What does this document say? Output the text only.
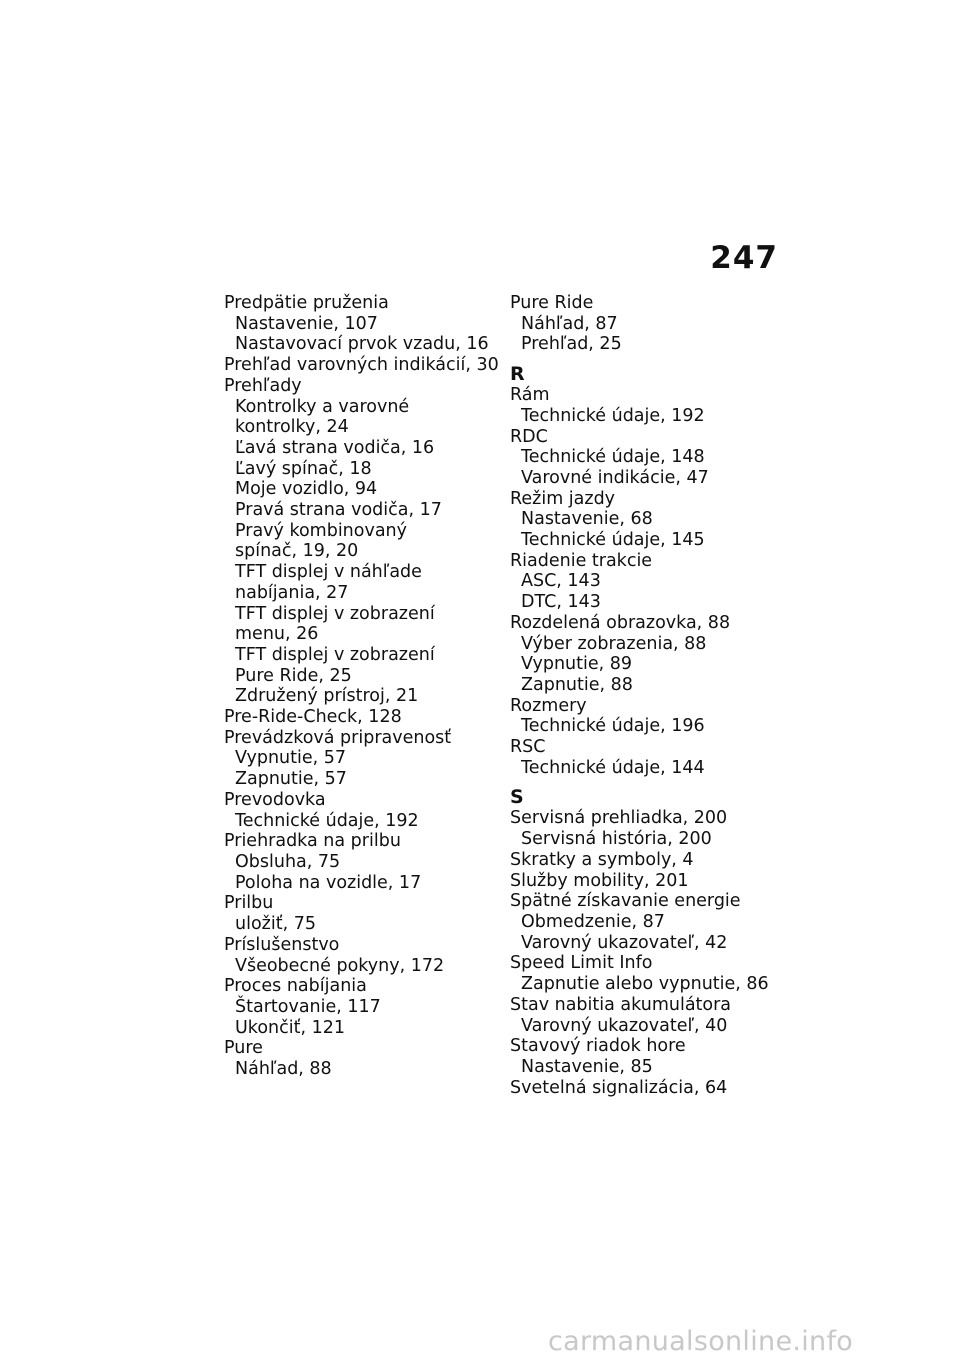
247
Predpätie pruženia
Nastavenie, 107
Nastavovací prvok vzadu, 16
Prehľad varovných indikácií, 30
Prehľady
Kontrolky a varovné
kontrolky, 24
Ľavá strana vodiča, 16
Ľavý spínač, 18
Moje vozidlo, 94
Pravá strana vodiča, 17
Pravý kombinovaný
spínač, 19, 20
TFT displej v náhľade
nabíjania, 27
TFT displej v zobrazení
menu, 26
TFT displej v zobrazení
Pure Ride, 25
Združený prístroj, 21
Pre-Ride-Check, 128
Prevádzková pripravenosť
Vypnutie, 57
Zapnutie, 57
Prevodovka
Technické údaje, 192
Priehradka na prilbu
Obsluha, 75
Poloha na vozidle, 17
Prilbu
uložiť, 75
Príslušenstvo
Všeobecné pokyny, 172
Proces nabíjania
Štartovanie, 117
Ukončiť, 121
Pure
Náhľad, 88
Pure Ride
Náhľad, 87
Prehľad, 25
R
Rám
Technické údaje, 192
RDC
Technické údaje, 148
Varovné indikácie, 47
Režim jazdy
Nastavenie, 68
Technické údaje, 145
Riadenie trakcie
ASC, 143
DTC, 143
Rozdelená obrazovka, 88
Výber zobrazenia, 88
Vypnutie, 89
Zapnutie, 88
Rozmery
Technické údaje, 196
RSC
Technické údaje, 144
S
Servisná prehliadka, 200
Servisná história, 200
Skratky a symboly, 4
Služby mobility, 201
Spätné získavanie energie
Obmedzenie, 87
Varovný ukazovateľ, 42
Speed Limit Info
Zapnutie alebo vypnutie, 86
Stav nabitia akumulátora
Varovný ukazovateľ, 40
Stavový riadok hore
Nastavenie, 85
Svetelná signalizácia, 64
carmanualsonline.info
